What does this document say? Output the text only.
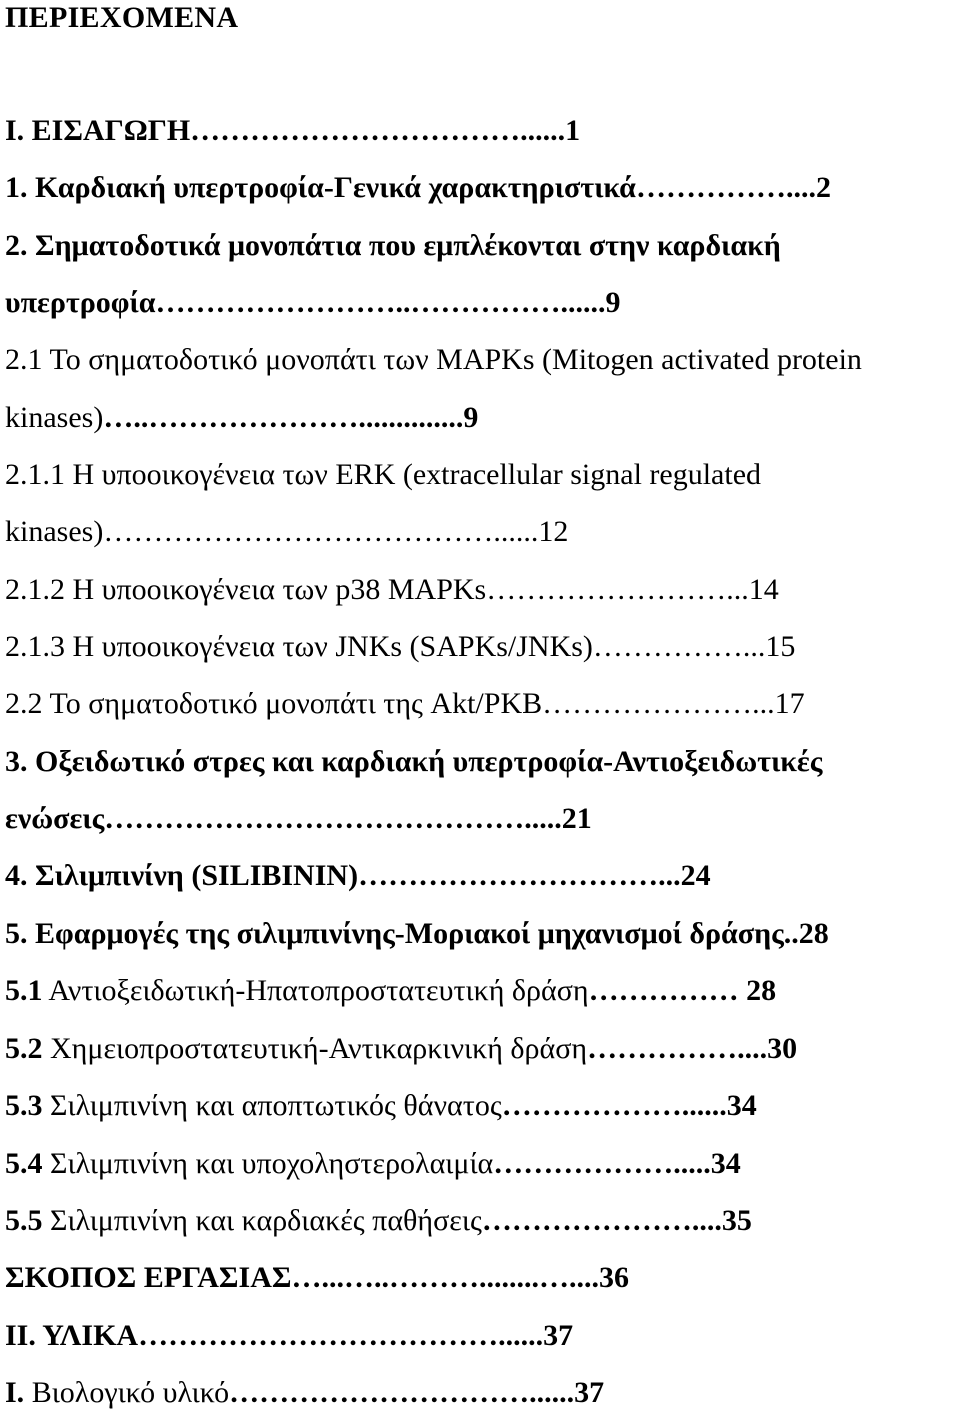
ΠΕΡΙΕΧΟΜΕΝΑ
Ι. ΕΙΣΑΓΩΓΗ……………………………......1
1. Καρδιακή υπερτροφία-Γενικά χαρακτηριστικά……………....2
2. Σηματοδοτικά μονοπάτια που εμπλέκονται στην καρδιακή
υπερτροφία……………………..……………......9
2.1 Το σηματοδοτικό μονοπάτι των MAPKs (Mitogen activated protein
kinases)…..…………………..............9
2.1.1 Η υποοικογένεια των ERK (extracellular signal regulated
kinases)…………………………………......12
2.1.2 Η υποοικογένεια των p38 MAPKs……………………...14
2.1.3 Η υποοικογένεια των JNKs (SAPKs/JNKs)……………...15
2.2 Το σηματοδοτικό μονοπάτι της Akt/PKB…………………...17
3. Οξειδωτικό στρες και καρδιακή υπερτροφία-Αντιοξειδωτικές
ενώσεις…………………………………….....21
4. Σιλιμπινίνη (SILIBININ)…………………………...24
5. Εφαρμογές της σιλιμπινίνης-Μοριακοί μηχανισμοί δράσης..28
5.1 Αντιοξειδωτική-Ηπατοπροστατευτική δράση…………… 28
5.2 Χημειοπροστατευτική-Αντικαρκινική δράση……………....30
5.3 Σιλιμπινίνη και αποπτωτικός θάνατος………………......34
5.4 Σιλιμπινίνη και υποχοληστερολαιμία……………….....34
5.5 Σιλιμπινίνη και καρδιακές παθήσεις…………………....35
ΣΚΟΠΟΣ ΕΡΓΑΣΙΑΣ…...…..………........…....36
ΙΙ. ΥΛΙΚΑ………………………………......37
Ι. Βιολογικό υλικό…………………………......37
